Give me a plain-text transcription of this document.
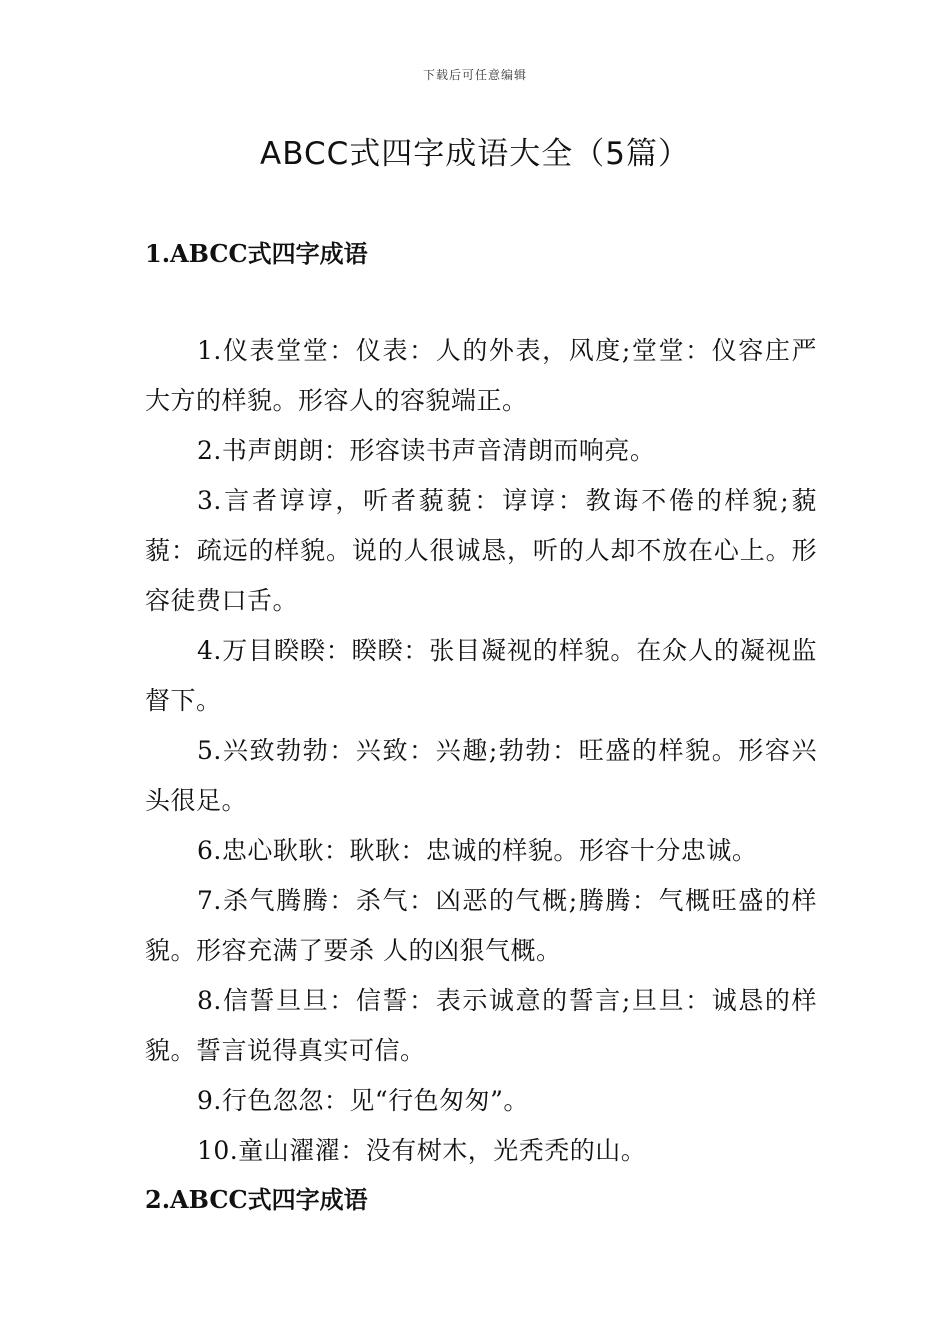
下载后可任意编辑
ABCC式四字成语大全（5篇）
1.ABCC式四字成语

1.仪表堂堂：仪表：人的外表，风度;堂堂：仪容庄严大方的样貌。形容人的容貌端正。

2.书声朗朗：形容读书声音清朗而响亮。

3.言者谆谆，听者藐藐：谆谆：教诲不倦的样貌;藐藐：疏远的样貌。说的人很诚恳，听的人却不放在心上。形容徒费口舌。

4.万目睽睽：睽睽：张目凝视的样貌。在众人的凝视监督下。

5.兴致勃勃：兴致：兴趣;勃勃：旺盛的样貌。形容兴头很足。

6.忠心耿耿：耿耿：忠诚的样貌。形容十分忠诚。

7.杀气腾腾：杀气：凶恶的气概;腾腾：气概旺盛的样貌。形容充满了要杀 人的凶狠气概。

8.信誓旦旦：信誓：表示诚意的誓言;旦旦：诚恳的样貌。誓言说得真实可信。

9.行色忽忽：见“行色匆匆”。

10.童山濯濯：没有树木，光秃秃的山。

2.ABCC式四字成语
